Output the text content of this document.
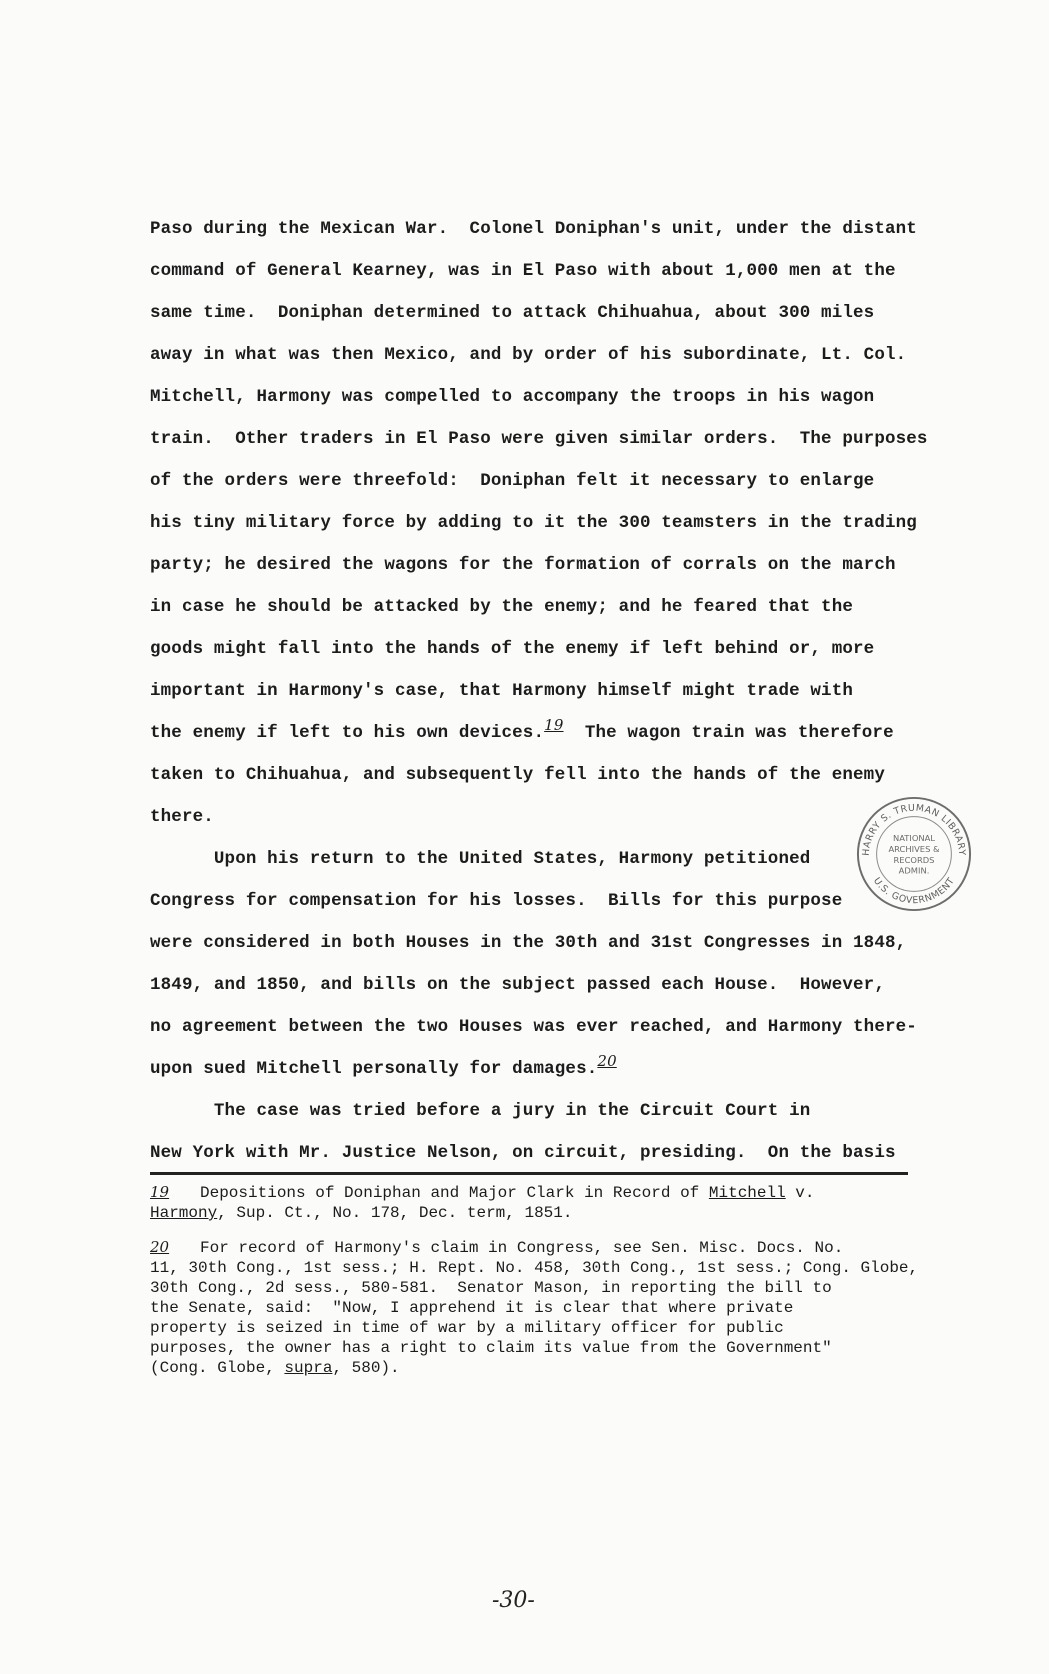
Paso during the Mexican War.  Colonel Doniphan's unit, under the distant
command of General Kearney, was in El Paso with about 1,000 men at the
same time.  Doniphan determined to attack Chihuahua, about 300 miles
away in what was then Mexico, and by order of his subordinate, Lt. Col.
Mitchell, Harmony was compelled to accompany the troops in his wagon
train.  Other traders in El Paso were given similar orders.  The purposes
of the orders were threefold:  Doniphan felt it necessary to enlarge
his tiny military force by adding to it the 300 teamsters in the trading
party; he desired the wagons for the formation of corrals on the march
in case he should be attacked by the enemy; and he feared that the
goods might fall into the hands of the enemy if left behind or, more
important in Harmony's case, that Harmony himself might trade with
the enemy if left to his own devices.19  The wagon train was therefore
taken to Chihuahua, and subsequently fell into the hands of the enemy
there.
Upon his return to the United States, Harmony petitioned
Congress for compensation for his losses.  Bills for this purpose
were considered in both Houses in the 30th and 31st Congresses in 1848,
1849, and 1850, and bills on the subject passed each House.  However,
no agreement between the two Houses was ever reached, and Harmony there-
upon sued Mitchell personally for damages.20
The case was tried before a jury in the Circuit Court in
New York with Mr. Justice Nelson, on circuit, presiding.  On the basis
19 Depositions of Doniphan and Major Clark in Record of Mitchell v.
Harmony, Sup. Ct., No. 178, Dec. term, 1851.
20 For record of Harmony's claim in Congress, see Sen. Misc. Docs. No.
11, 30th Cong., 1st sess.; H. Rept. No. 458, 30th Cong., 1st sess.; Cong. Globe,
30th Cong., 2d sess., 580-581.  Senator Mason, in reporting the bill to
the Senate, said:  "Now, I apprehend it is clear that where private
property is seized in time of war by a military officer for public
purposes, the owner has a right to claim its value from the Government"
(Cong. Globe, supra, 580).
HARRY S. TRUMAN LIBRARY
U.S. GOVERNMENT
NATIONAL
ARCHIVES &
RECORDS
ADMIN.
-30-
